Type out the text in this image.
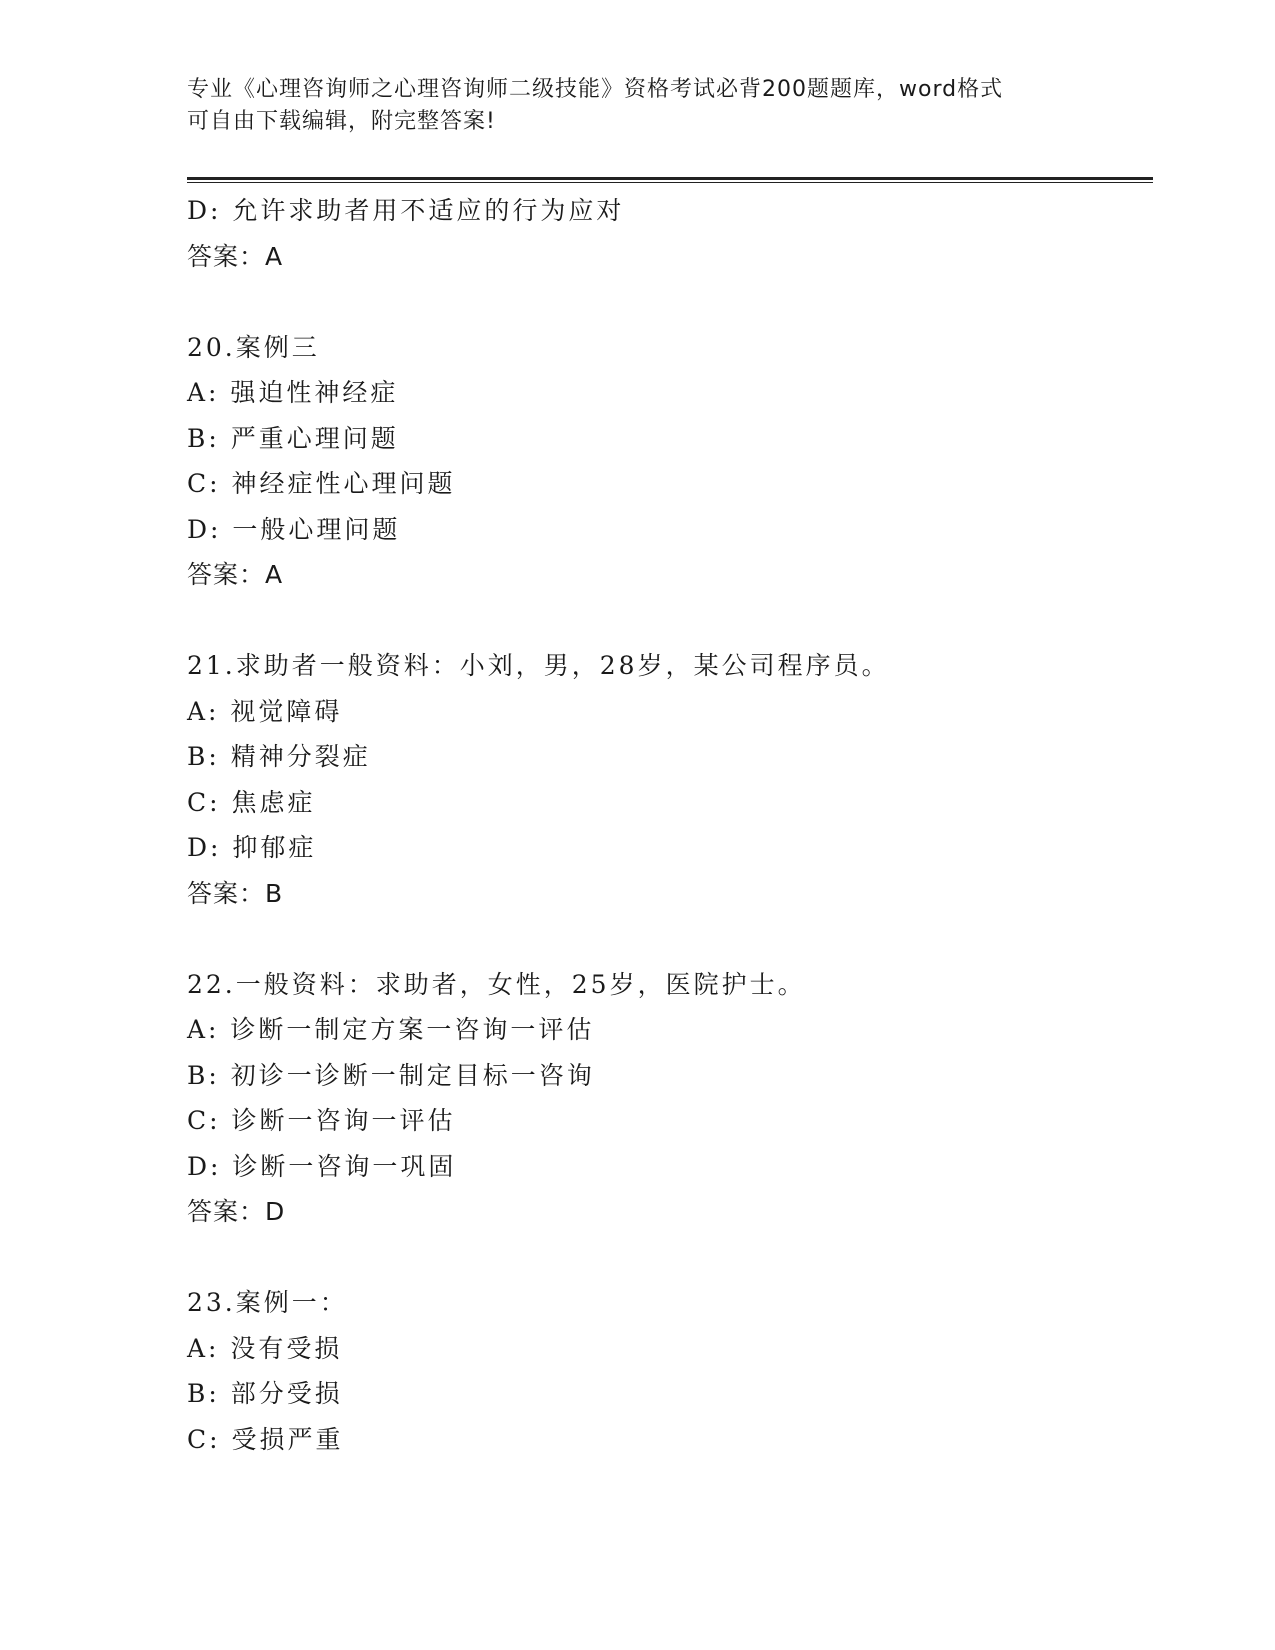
专业《心理咨询师之心理咨询师二级技能》资格考试必背200题题库，word格式
可自由下载编辑，附完整答案!
D: 允许求助者用不适应的行为应对
答案：A
20.案例三
A: 强迫性神经症
B: 严重心理问题
C: 神经症性心理问题
D: 一般心理问题
答案：A
21.求助者一般资料：小刘，男，28岁，某公司程序员。
A: 视觉障碍
B: 精神分裂症
C: 焦虑症
D: 抑郁症
答案：B
22.一般资料：求助者，女性，25岁，医院护士。
A: 诊断一制定方案一咨询一评估
B: 初诊一诊断一制定目标一咨询
C: 诊断一咨询一评估
D: 诊断一咨询一巩固
答案：D
23.案例一：
A: 没有受损
B: 部分受损
C: 受损严重
